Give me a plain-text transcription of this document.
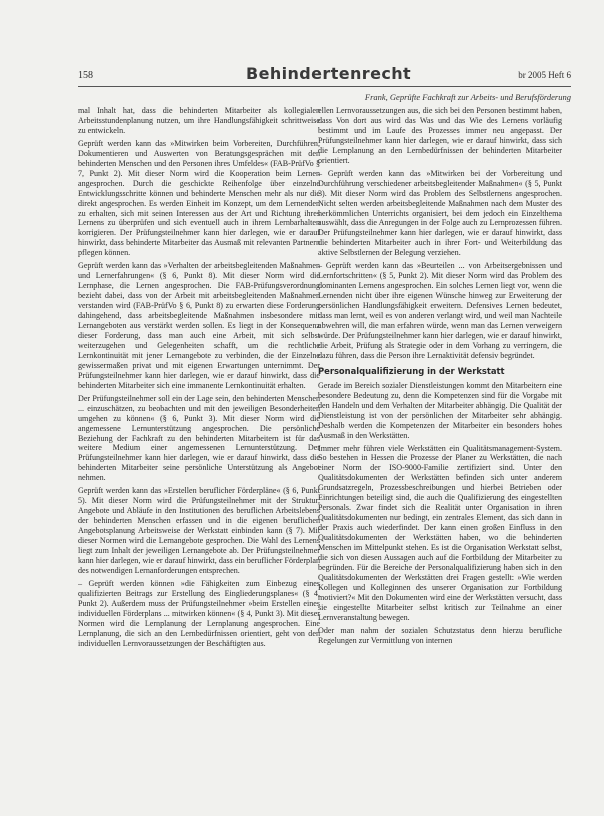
158	Behindertenrecht	br 2005 Heft 6
Frank, Geprüfte Fachkraft zur Arbeits- und Berufsförderung

mal Inhalt hat, dass die behinderten Mitarbeiter als kollegialen Arbeitsstundenplanung nutzen, um ihre Handlungsfähigkeit schrittweise zu entwickeln.

Geprüft werden kann das »Mitwirken beim Vorbereiten, Durchführen, Dokumentieren und Auswerten von Beratungsgesprächen mit den behinderten Menschen und den Personen ihres Umfeldes« (FAB-PrüfVo § 7, Punkt 2). Mit dieser Norm wird die Kooperation beim Lernen angesprochen. Durch die geschickte Reihenfolge über einzelne Entwicklungsschritte können und behinderte Menschen mehr als nur die direkt angesprochen. Es werden Einheit im Konzept, um dem Lernenden zu erhalten, sich mit seinen Interessen aus der Art und Richtung ihres Lernens zu überprüfen und sich eventuell auch in ihrem Lernbarhalten korrigieren. Der Prüfungsteilnehmer kann hier darlegen, wie er darauf hinwirkt, dass behinderte Mitarbeiter das Ausmaß mit relevanten Partnern pflegen können.

Geprüft werden kann das »Verhalten der arbeitsbegleitenden Maßnahmen und Lernerfahrungen« (§ 6, Punkt 8). Mit dieser Norm wird die Lernphase, die Lernen angesprochen. Die FAB-Prüfungsverordnung bezieht dabei, dass von der Arbeit mit arbeitsbegleitenden Maßnahmen verstanden wird (FAB-PrüfVo § 6, Punkt 8) zu erwarten diese Forderung dahingehend, dass arbeitsbegleitende Maßnahmen insbesondere mit Lernangeboten aus verstärkt werden sollen. Es liegt in der Konsequenz dieser Forderung, dass man auch eine Arbeit, mit sich selbst weiterzugehen und Gelegenheiten schafft, um die rechtliche Lernkontinuität mit jener Lernangebote zu verbinden, die der Einzelne gewissermaßen privat und mit eigenen Erwartungen unternimmt. Der Prüfungsteilnehmer kann hier darlegen, wie er darauf hinwirkt, dass die behinderten Mitarbeiter sich eine immanente Lernkontinuität erhalten.

Der Prüfungsteilnehmer soll ein der Lage sein, den behinderten Menschen ... einzuschätzen, zu beobachten und mit den jeweiligen Besonderheiten umgehen zu können« (§ 6, Punkt 3). Mit dieser Norm wird die angemessene Lernunterstützung angesprochen. Die persönliche Beziehung der Fachkraft zu den behinderten Mitarbeitern ist für das weitere Medium einer angemessenen Lernunterstützung. Der Prüfungsteilnehmer kann hier darlegen, wie er darauf hinwirkt, dass die behinderten Mitarbeiter seine persönliche Unterstützung als Angebot nehmen.

Geprüft werden kann das »Erstellen beruflicher Förderpläne« (§ 6, Punkt 5). Mit dieser Norm wird die Prüfungsteilnehmer mit der Struktur, Angebote und Abläufe in den Institutionen des beruflichen Arbeitslebens der behinderten Menschen erfassen und in die eigenen beruflichen Angebotsplanung Arbeitsweise der Werkstatt einbinden kann (§ 7). Mit dieser Normen wird die Lernangebote gesprochen. Die Wahl des Lernens liegt zum Inhalt der jeweiligen Lernangebote ab. Der Prüfungsteilnehmer kann hier darlegen, wie er darauf hinwirkt, dass ein beruflicher Förderplan des notwendigen Lernanforderungen entsprechen.

– Geprüft werden können »die Fähigkeiten zum Einbezug eines qualifizierten Beitrags zur Erstellung des Eingliederungsplanes« (§ 4, Punkt 2). Außerdem muss der Prüfungsteilnehmer »beim Erstellen eines individuellen Förderplans ... mitwirken können« (§ 4, Punkt 3). Mit dieser Normen wird die Lernplanung der Lernplanung angesprochen. Eine Lernplanung, die sich an den Lernbedürfnissen orientiert, geht von den individuellen Lernvoraussetzungen der Beschäftigten aus.

ellen Lernvoraussetzungen aus, die sich bei den Personen bestimmt haben, dass Von dort aus wird das Was und das Wie des Lernens vorläufig bestimmt und im Laufe des Prozesses immer neu angepasst. Der Prüfungsteilnehmer kann hier darlegen, wie er darauf hinwirkt, dass sich die Lernplanung an den Lernbedürfnissen der behinderten Mitarbeiter orientiert.

– Geprüft werden kann das »Mitwirken bei der Vorbereitung und Durchführung verschiedener arbeitsbegleitender Maßnahmen« (§ 5, Punkt 3). Mit dieser Norm wird das Problem des Selbstlernens angesprochen. Nicht selten werden arbeitsbegleitende Maßnahmen nach dem Muster des herkömmlichen Unterrichts organisiert, bei dem jedoch ein Einzelthema auswählt, dass die Anregungen in der Folge auch zu Lernprozessen führen. Der Prüfungsteilnehmer kann hier darlegen, wie er darauf hinwirkt, dass die behinderten Mitarbeiter auch in ihrer Fort- und Weiterbildung das aktive Selbstlernen der Belegung verziehen.

– Geprüft werden kann das »Beurteilen ... von Arbeitsergebnissen und Lernfortschritten« (§ 5, Punkt 2). Mit dieser Norm wird das Problem des dominanten Lernens angesprochen. Ein solches Lernen liegt vor, wenn die Lernenden nicht über ihre eigenen Wünsche hinweg zur Erweiterung der persönlichen Handlungsfähigkeit erweitern. Defensives Lernen bedeutet, dass man lernt, weil es von anderen verlangt wird, und weil man Nachteile abwehren will, die man erfahren würde, wenn man das Lernen verweigern würde. Der Prüfungsteilnehmer kann hier darlegen, wie er darauf hinwirkt, die Arbeit, Prüfung als Strategie oder in dem Vorhang zu verringern, die dazu führen, dass die Person ihre Lernaktivität defensiv begründet.

Personalqualifizierung in der Werkstatt

Gerade im Bereich sozialer Dienstleistungen kommt den Mitarbeitern eine besondere Bedeutung zu, denn die Kompetenzen sind für die Vorgabe mit den Handeln und dem Verhalten der Mitarbeiter abhängig. Die Qualität der Dienstleistung ist von der persönlichen der Mitarbeiter sehr abhängig. Deshalb werden die Kompetenzen der Mitarbeiter ein besonders hohes Ausmaß in den Werkstätten.

Immer mehr führen viele Werkstätten ein Qualitätsmanagement-System. So bestehen in Hessen die Prozesse der Planer zu Werkstätten, die nach einer Norm der ISO-9000-Familie zertifiziert sind. Unter den Qualitätsdokumenten der Werkstätten befinden sich unter anderem Grundsatzregeln, Prozessbeschreibungen und hierbei Betrieben oder Einrichtungen beteiligt sind, die auch die Qualifizierung des eingestellten Personals. Zwar findet sich die Realität unter Organisation in ihren Qualitätsdokumenten nur bedingt, ein zentrales Element, das sich dann in der Praxis auch wiederfindet. Der kann einen großen Einfluss in den Qualitätsdokumenten der Werkstätten haben, wo die behinderten Menschen im Mittelpunkt stehen. Es ist die Organisation Werkstatt selbst, die sich von diesen Aussagen auch auf die Fortbildung der Mitarbeiter zu begründen. Für die Bereiche der Personalqualifizierung haben sich in den Qualitätsdokumenten der Werkstätten drei Fragen gestellt: »Wie werden Kollegen und Kolleginnen des unserer Organisation zur Fortbildung motiviert?« Mit den Dokumenten wird eine der Werkstätten versucht, dass sie eingestellte Mitarbeiter selbst kritisch zur Teilnahme an einer Lernveranstaltung bewegen.

Oder man nahm der sozialen Schutzstatus denn hierzu berufliche Regelungen zur Vermittlung von internen
